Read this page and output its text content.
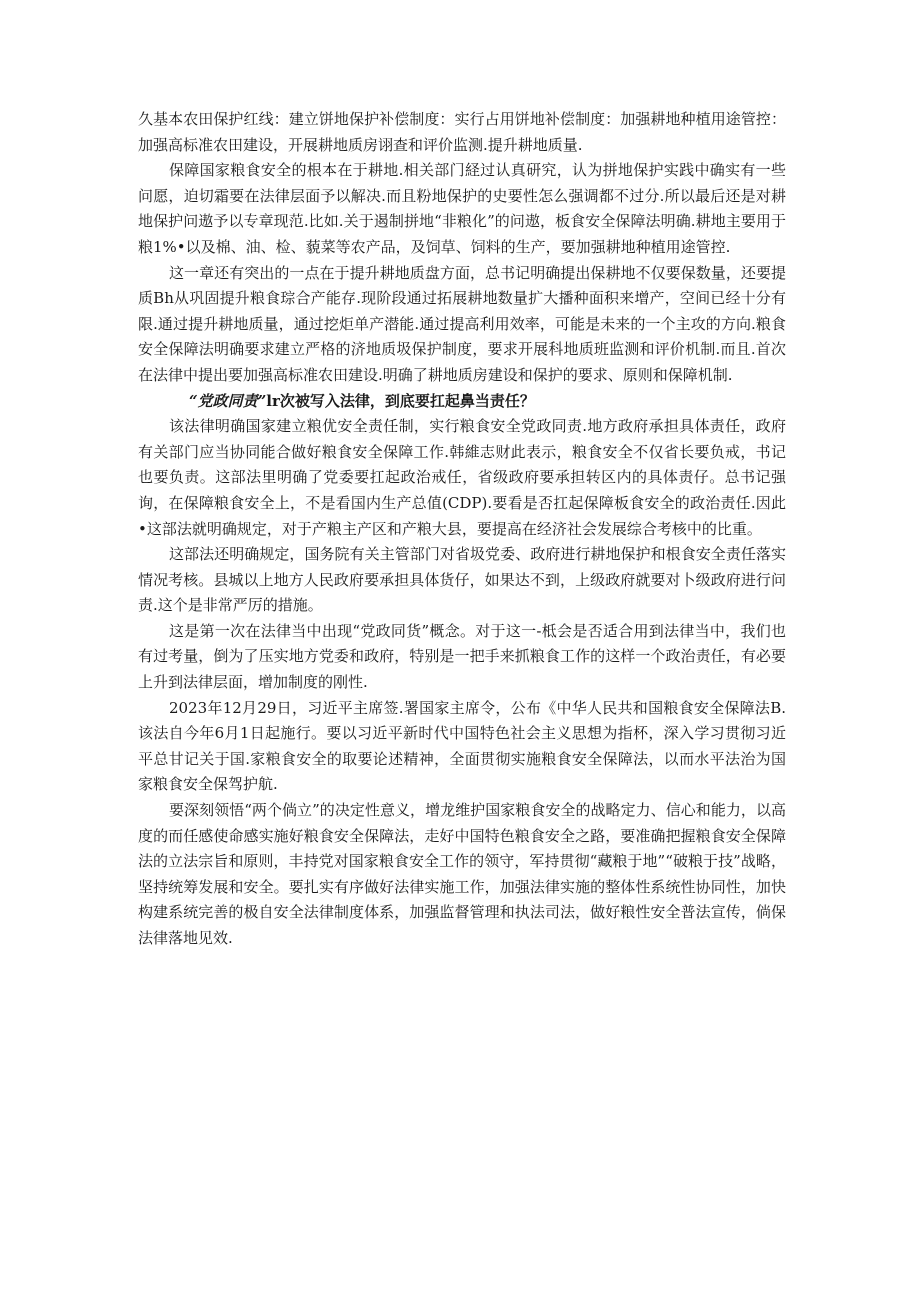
久基本农田保护红线：建立饼地保护补偿制度：实行占用饼地补偿制度：加强耕地种植用途管控：加强高标准农田建设，开展耕地质房诩查和评价监测.提升耕地质量.

保障国家粮食安全的根本在于耕地.相关部门経过认真研究，认为拼地保护实践中确实有一些问愿，迫切霜要在法律层面予以解决.而且粉地保护的史要性怎么强调都不过分.所以最后还是对耕地保护问遨予以专章现范.比如.关于遏制拼地“非粮化”的问遨，板食安全保障法明确.耕地主要用于粮1%•以及棉、油、检、藐菜等农产品，及饲草、饲料的生产，要加强耕地种植用途管控.

这一章还有突出的一点在于提升耕地质盘方面，总书记明确提出保耕地不仅要保数量，还要提质Bh从巩固提升粮食琮合产能存.现阶段通过拓展耕地数量扩大播种面积来增产，空间已经十分有限.通过提升耕地质量，通过挖炬单产潜能.通过提高利用效率，可能是未来的一个主攻的方向.粮食安全保障法明确要求建立严格的济地质圾保护制度，要求开展科地质班监测和评价机制.而且.首次在法律中提出要加强高标准农田建设.明确了耕地质房建设和保护的要求、原则和保障机制.

“党政同责”lr次被写入法律，到底要扛起鼻当责任？

该法律明确国家建立粮优安全责任制，实行粮食安全党政同责.地方政府承担具体责任，政府有关部门应当协同能合做好粮食安全保障工作.韩維志财此表示，粮食安全不仅省长要负戒，书记也要负责。这部法里明确了党委要扛起政治戒任，省级政府要承担转区内的具体责仔。总书记强询，在保障粮食安全上，不是看国内生产总值(CDP).要看是否扛起保障板食安全的政治责任.因此•这部法就明确规定，对于产粮主产区和产粮大县，要提高在经济社会发展综合考核中的比重。

这部法还明确规定，国务院有关主管部门对省圾党委、政府进行耕地保护和根食安全责任落实情况考核。县城以上地方人民政府要承担具体货仔，如果达不到，上级政府就要对卜级政府进行问责.这个是非常严厉的措施。

这是第一次在法律当中出现“党政同货”概念。对于这一-柢会是否适合用到法律当中，我们也有过考量，倒为了压实地方党委和政府，特别是一把手来抓粮食工作的这样一个政治责任，有必要上升到法律层面，增加制度的刚性.

2023年12月29日，习近平主席签.署国家主席令，公布《中华人民共和国粮食安全保障法B.该法自今年6月1日起施行。要以习近平新时代中国特色社会主义思想为指杯，深入学习贯彻习近平总甘记关于国.家粮食安全的取要论述精神，全面贯彻实施粮食安全保障法，以而水平法治为国家粮食安全保驾护航.

要深刻领悟“两个倘立”的决定性意义，增龙维护国家粮食安全的战略定力、信心和能力，以高度的而任感使命感实施好粮食安全保障法，走好中国特色粮食安全之路，要准确把握粮食安全保障法的立法宗旨和原则，丰持党对国家粮食安全工作的领守，军持贯彻“藏粮于地”“破粮于技”战略，坚持统筹发展和安全。要扎实有序做好法律实施工作，加强法律实施的整体性系统性协同性，加快构建系统完善的极自安全法律制度体系，加强监督管理和执法司法，做好粮性安全普法宣传，倘保法律落地见效.
